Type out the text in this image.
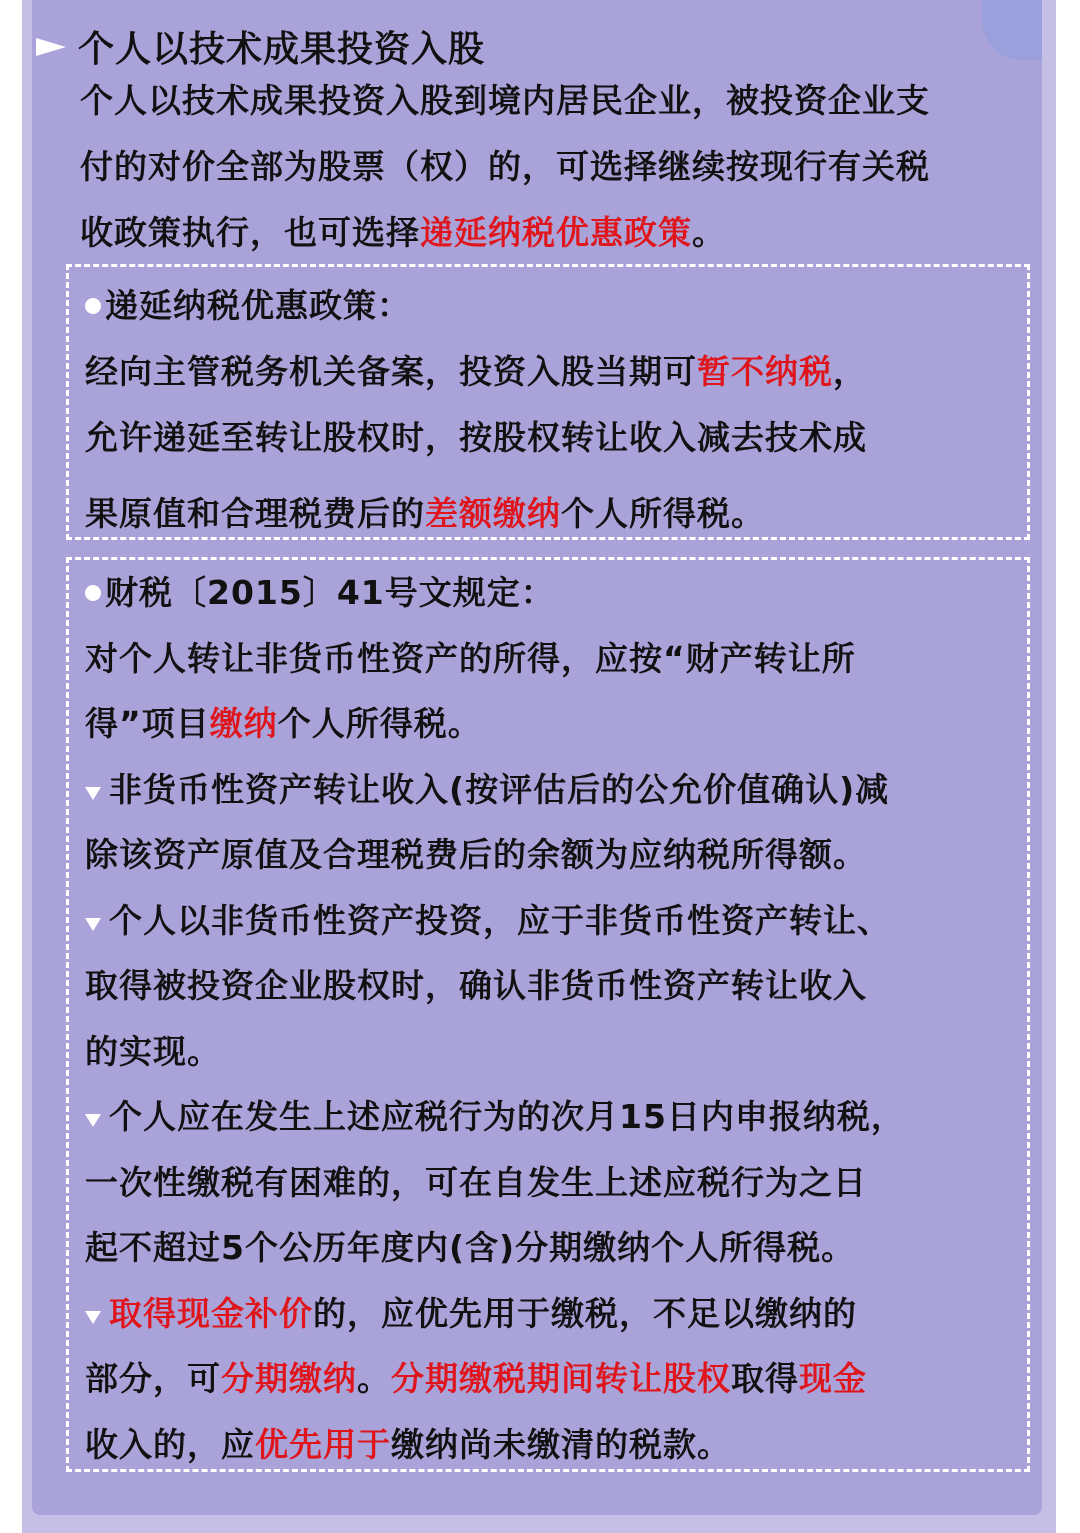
个人以技术成果投资入股
个人以技术成果投资入股到境内居民企业，被投资企业支
付的对价全部为股票（权）的，可选择继续按现行有关税
收政策执行，也可选择递延纳税优惠政策。
递延纳税优惠政策：
经向主管税务机关备案，投资入股当期可暂不纳税，
允许递延至转让股权时，按股权转让收入减去技术成
果原值和合理税费后的差额缴纳个人所得税。
财税〔2015〕41号文规定：
对个人转让非货币性资产的所得，应按“财产转让所
得”项目缴纳个人所得税。
非货币性资产转让收入(按评估后的公允价值确认)减
除该资产原值及合理税费后的余额为应纳税所得额。
个人以非货币性资产投资，应于非货币性资产转让、
取得被投资企业股权时，确认非货币性资产转让收入
的实现。
个人应在发生上述应税行为的次月15日内申报纳税，
一次性缴税有困难的，可在自发生上述应税行为之日
起不超过5个公历年度内(含)分期缴纳个人所得税。
取得现金补价的，应优先用于缴税，不足以缴纳的
部分，可分期缴纳。分期缴税期间转让股权取得现金
收入的，应优先用于缴纳尚未缴清的税款。
